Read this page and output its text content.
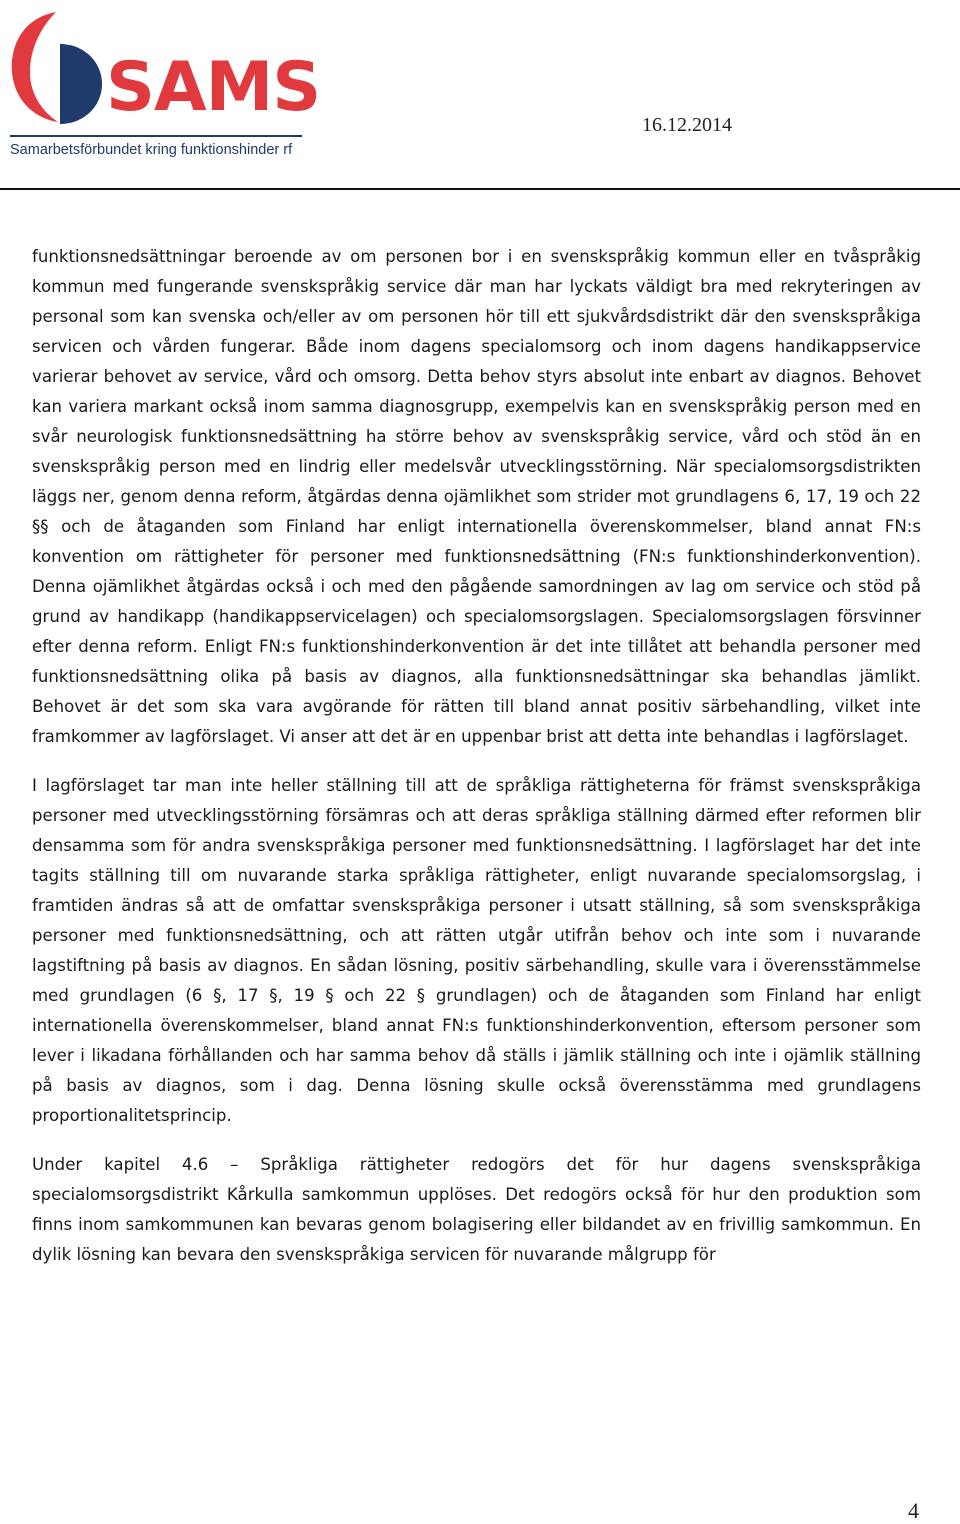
SAMS
Samarbetsförbundet kring funktionshinder rf
16.12.2014

funktionsnedsättningar beroende av om personen bor i en svenskspråkig kommun eller en tvåspråkig kommun med fungerande svenskspråkig service där man har lyckats väldigt bra med rekryteringen av personal som kan svenska och/eller av om personen hör till ett sjukvårdsdistrikt där den svenskspråkiga servicen och vården fungerar. Både inom dagens specialomsorg och inom dagens handikappservice varierar behovet av service, vård och omsorg. Detta behov styrs absolut inte enbart av diagnos. Behovet kan variera markant också inom samma diagnosgrupp, exempelvis kan en svenskspråkig person med en svår neurologisk funktionsnedsättning ha större behov av svenskspråkig service, vård och stöd än en svenskspråkig person med en lindrig eller medelsvår utvecklingsstörning. När specialomsorgsdistrikten läggs ner, genom denna reform, åtgärdas denna ojämlikhet som strider mot grundlagens 6, 17, 19 och 22 §§ och de åtaganden som Finland har enligt internationella överenskommelser, bland annat FN:s konvention om rättigheter för personer med funktionsnedsättning (FN:s funktionshinderkonvention). Denna ojämlikhet åtgärdas också i och med den pågående samordningen av lag om service och stöd på grund av handikapp (handikappservicelagen) och specialomsorgslagen. Specialomsorgslagen försvinner efter denna reform. Enligt FN:s funktionshinderkonvention är det inte tillåtet att behandla personer med funktionsnedsättning olika på basis av diagnos, alla funktionsnedsättningar ska behandlas jämlikt. Behovet är det som ska vara avgörande för rätten till bland annat positiv särbehandling, vilket inte framkommer av lagförslaget. Vi anser att det är en uppenbar brist att detta inte behandlas i lagförslaget.

I lagförslaget tar man inte heller ställning till att de språkliga rättigheterna för främst svenskspråkiga personer med utvecklingsstörning försämras och att deras språkliga ställning därmed efter reformen blir densamma som för andra svenskspråkiga personer med funktionsnedsättning. I lagförslaget har det inte tagits ställning till om nuvarande starka språkliga rättigheter, enligt nuvarande specialomsorgslag, i framtiden ändras så att de omfattar svenskspråkiga personer i utsatt ställning, så som svenskspråkiga personer med funktionsnedsättning, och att rätten utgår utifrån behov och inte som i nuvarande lagstiftning på basis av diagnos. En sådan lösning, positiv särbehandling, skulle vara i överensstämmelse med grundlagen (6 §, 17 §, 19 § och 22 § grundlagen) och de åtaganden som Finland har enligt internationella överenskommelser, bland annat FN:s funktionshinderkonvention, eftersom personer som lever i likadana förhållanden och har samma behov då ställs i jämlik ställning och inte i ojämlik ställning på basis av diagnos, som i dag. Denna lösning skulle också överensstämma med grundlagens proportionalitetsprincip.

Under kapitel 4.6 – Språkliga rättigheter redogörs det för hur dagens svenskspråkiga specialomsorgsdistrikt Kårkulla samkommun upplöses. Det redogörs också för hur den produktion som finns inom samkommunen kan bevaras genom bolagisering eller bildandet av en frivillig samkommun. En dylik lösning kan bevara den svenskspråkiga servicen för nuvarande målgrupp för

4
